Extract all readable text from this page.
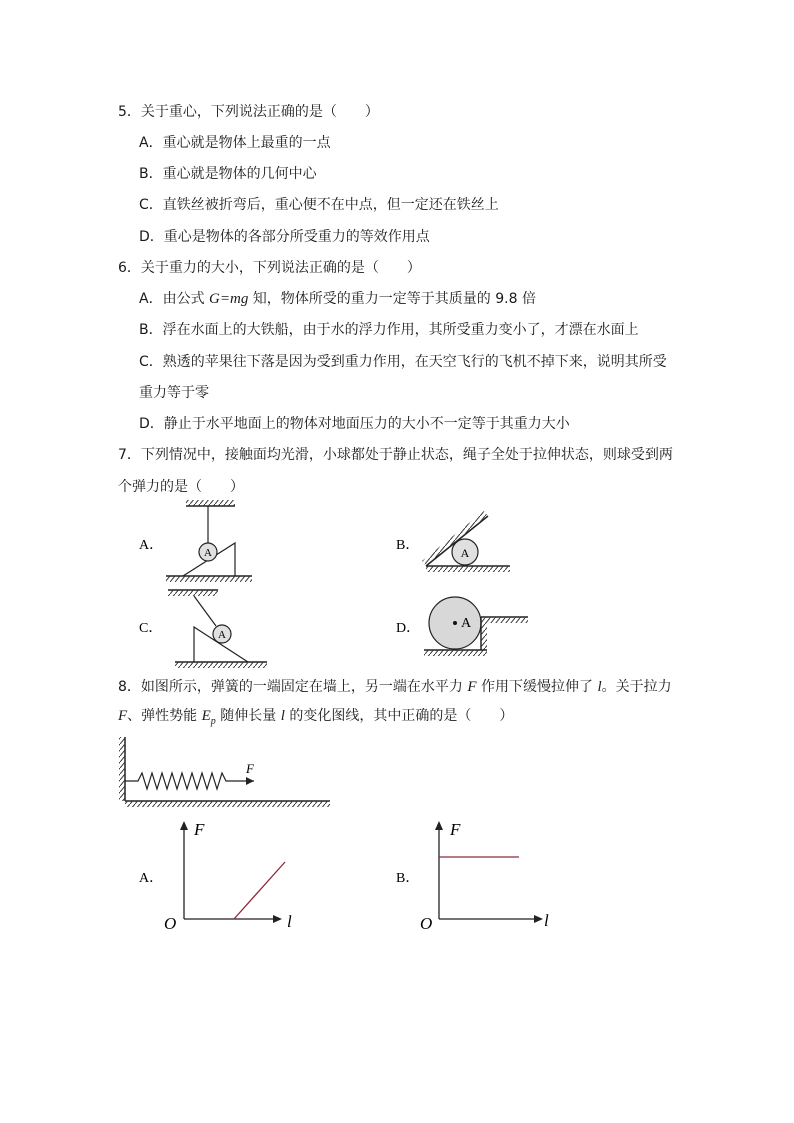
5．关于重心，下列说法正确的是（　　）
A．重心就是物体上最重的一点
B．重心就是物体的几何中心
C．直铁丝被折弯后，重心便不在中点，但一定还在铁丝上
D．重心是物体的各部分所受重力的等效作用点
6．关于重力的大小，下列说法正确的是（　　）
A．由公式 G=mg 知，物体所受的重力一定等于其质量的 9.8 倍
B．浮在水面上的大铁船，由于水的浮力作用，其所受重力变小了，才漂在水面上
C．熟透的苹果往下落是因为受到重力作用，在天空飞行的飞机不掉下来，说明其所受
重力等于零
D．静止于水平地面上的物体对地面压力的大小不一定等于其重力大小
7．下列情况中，接触面均光滑，小球都处于静止状态，绳子全处于拉伸状态，则球受到两
个弹力的是（　　）
A．	A	B．	A
C．	A	D．	A
F
A．
F
l
O
B．
F
l
O
8．如图所示，弹簧的一端固定在墙上，另一端在水平力 F 作用下缓慢拉伸了 l。关于拉力
F、弹性势能 $E_p$ 随伸长量 l 的变化图线，其中正确的是（　　）
